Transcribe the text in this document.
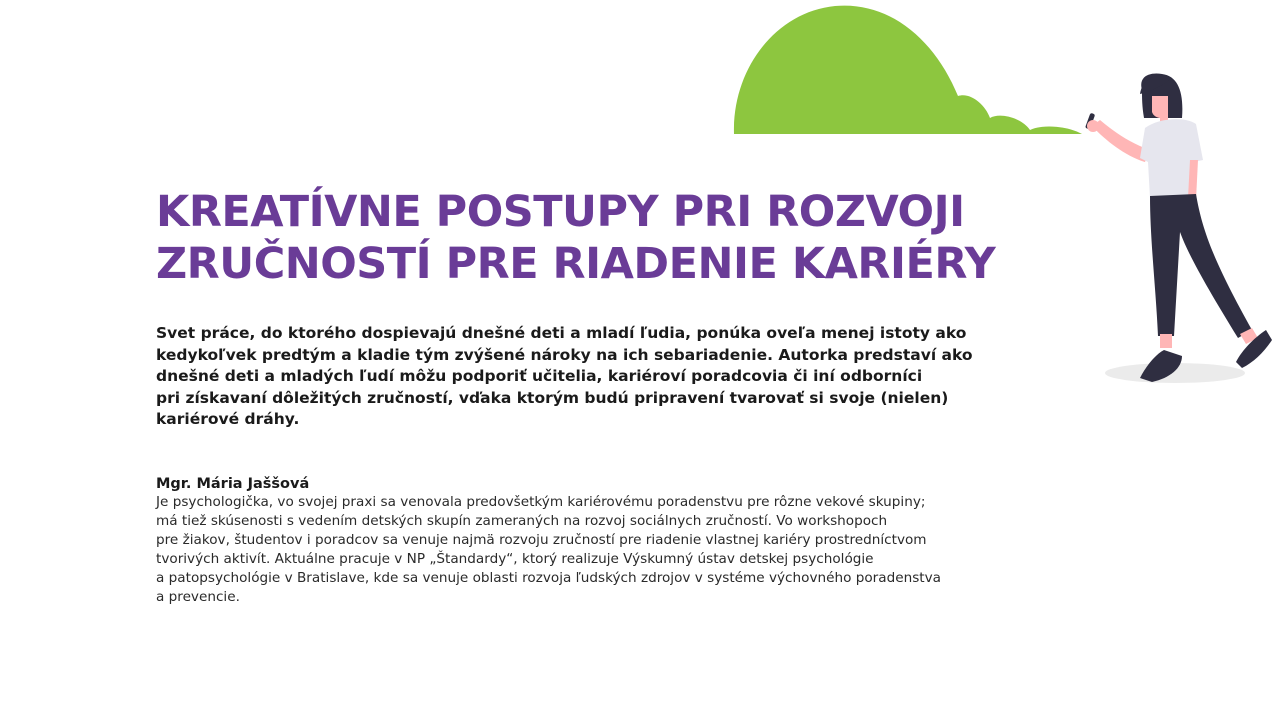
KREATÍVNE POSTUPY PRI ROZVOJI
ZRUČNOSTÍ PRE RIADENIE KARIÉRY
Svet práce, do ktorého dospievajú dnešné deti a mladí ľudia, ponúka oveľa menej istoty ako
kedykoľvek predtým a kladie tým zvýšené nároky na ich sebariadenie. Autorka predstaví ako
dnešné deti a mladých ľudí môžu podporiť učitelia, kariéroví poradcovia či iní odborníci
pri získavaní dôležitých zručností, vďaka ktorým budú pripravení tvarovať si svoje (nielen)
kariérové dráhy.
Mgr. Mária Jaššová
Je psychologička, vo svojej praxi sa venovala predovšetkým kariérovému poradenstvu pre rôzne vekové skupiny;
má tiež skúsenosti s vedením detských skupín zameraných na rozvoj sociálnych zručností. Vo workshopoch
pre žiakov, študentov i poradcov sa venuje najmä rozvoju zručností pre riadenie vlastnej kariéry prostredníctvom
tvorivých aktivít. Aktuálne pracuje v NP „Štandardy“, ktorý realizuje Výskumný ústav detskej psychológie
a patopsychológie v Bratislave, kde sa venuje oblasti rozvoja ľudských zdrojov v systéme výchovného poradenstva
a prevencie.
